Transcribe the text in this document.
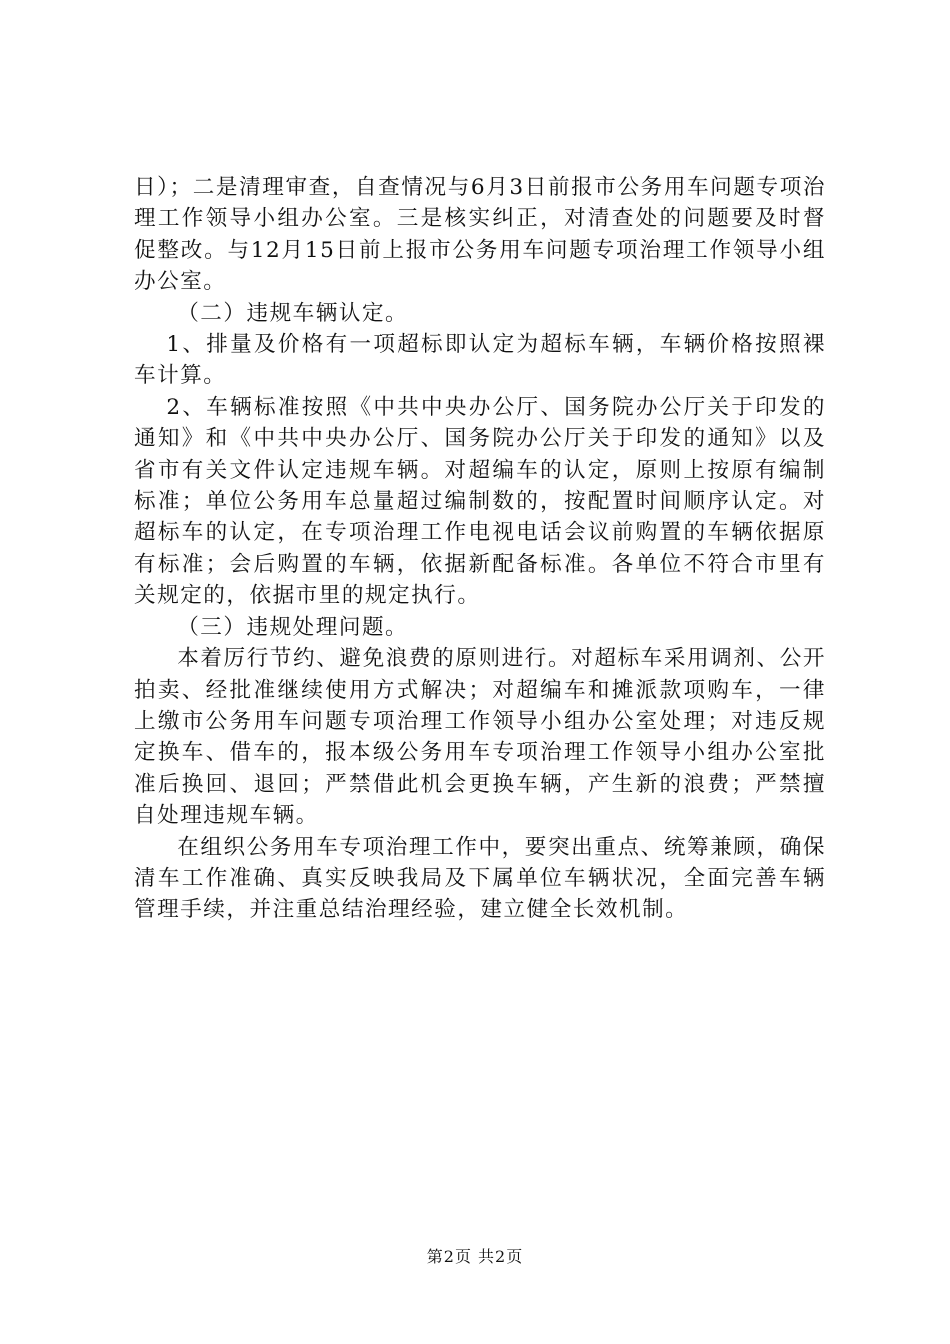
日）；二是清理审查，自查情况与6月3日前报市公务用车问题专项治理工作领导小组办公室。三是核实纠正，对清查处的问题要及时督促整改。与12月15日前上报市公务用车问题专项治理工作领导小组办公室。

（二）违规车辆认定。

1、排量及价格有一项超标即认定为超标车辆，车辆价格按照裸车计算。

2、车辆标准按照《中共中央办公厅、国务院办公厅关于印发的通知》和《中共中央办公厅、国务院办公厅关于印发的通知》以及省市有关文件认定违规车辆。对超编车的认定，原则上按原有编制标准；单位公务用车总量超过编制数的，按配置时间顺序认定。对超标车的认定，在专项治理工作电视电话会议前购置的车辆依据原有标准；会后购置的车辆，依据新配备标准。各单位不符合市里有关规定的，依据市里的规定执行。

（三）违规处理问题。

本着厉行节约、避免浪费的原则进行。对超标车采用调剂、公开拍卖、经批准继续使用方式解决；对超编车和摊派款项购车，一律上缴市公务用车问题专项治理工作领导小组办公室处理；对违反规定换车、借车的，报本级公务用车专项治理工作领导小组办公室批准后换回、退回；严禁借此机会更换车辆，产生新的浪费；严禁擅自处理违规车辆。

在组织公务用车专项治理工作中，要突出重点、统筹兼顾，确保清车工作准确、真实反映我局及下属单位车辆状况，全面完善车辆管理手续，并注重总结治理经验，建立健全长效机制。

第2页 共2页
